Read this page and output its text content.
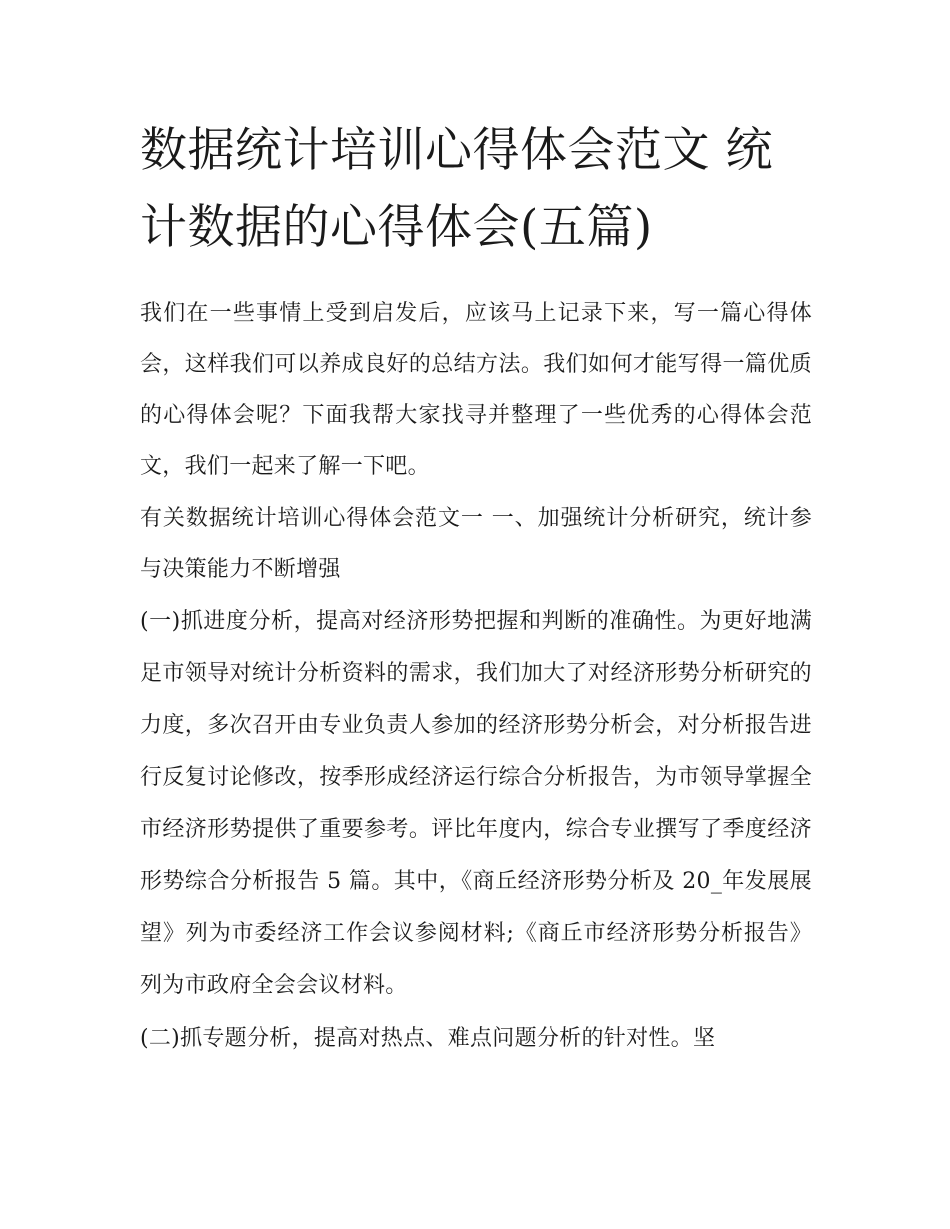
数据统计培训心得体会范文 统计数据的心得体会(五篇)

我们在一些事情上受到启发后，应该马上记录下来，写一篇心得体会，这样我们可以养成良好的总结方法。我们如何才能写得一篇优质的心得体会呢？下面我帮大家找寻并整理了一些优秀的心得体会范文，我们一起来了解一下吧。

有关数据统计培训心得体会范文一 一、加强统计分析研究，统计参与决策能力不断增强

(一)抓进度分析，提高对经济形势把握和判断的准确性。为更好地满足市领导对统计分析资料的需求，我们加大了对经济形势分析研究的力度，多次召开由专业负责人参加的经济形势分析会，对分析报告进行反复讨论修改，按季形成经济运行综合分析报告，为市领导掌握全市经济形势提供了重要参考。评比年度内，综合专业撰写了季度经济形势综合分析报告 5 篇。其中，《商丘经济形势分析及 20_年发展展望》列为市委经济工作会议参阅材料;《商丘市经济形势分析报告》列为市政府全会会议材料。

(二)抓专题分析，提高对热点、难点问题分析的针对性。坚
